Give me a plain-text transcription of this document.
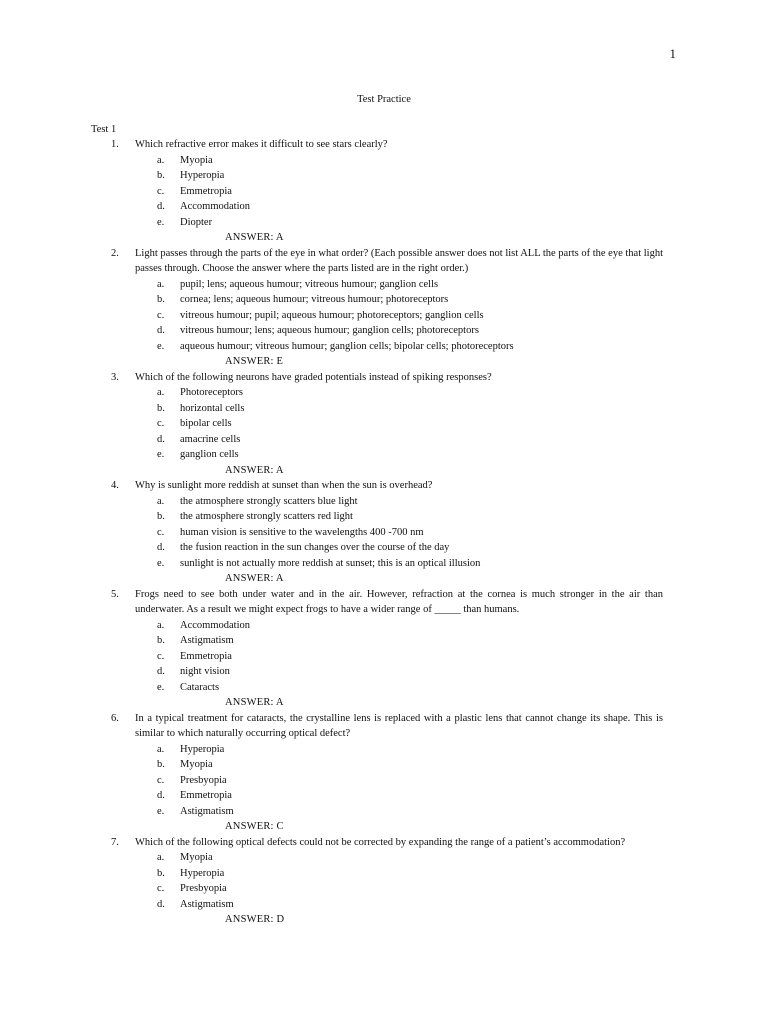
1
Test Practice
Test 1
1.	Which refractive error makes it difficult to see stars clearly?
a.	Myopia
b.	Hyperopia
c.	Emmetropia
d.	Accommodation
e.	Diopter
ANSWER: A
2.	Light passes through the parts of the eye in what order? (Each possible answer does not list ALL the parts of the eye that light passes through. Choose the answer where the parts listed are in the right order.)
a.	pupil; lens; aqueous humour; vitreous humour; ganglion cells
b.	cornea; lens; aqueous humour; vitreous humour; photoreceptors
c.	vitreous humour; pupil; aqueous humour; photoreceptors; ganglion cells
d.	vitreous humour; lens; aqueous humour; ganglion cells; photoreceptors
e.	aqueous humour; vitreous humour; ganglion cells; bipolar cells; photoreceptors
ANSWER: E
3.	Which of the following neurons have graded potentials instead of spiking responses?
a.	Photoreceptors
b.	horizontal cells
c.	bipolar cells
d.	amacrine cells
e.	ganglion cells
ANSWER: A
4.	Why is sunlight more reddish at sunset than when the sun is overhead?
a.	the atmosphere strongly scatters blue light
b.	the atmosphere strongly scatters red light
c.	human vision is sensitive to the wavelengths 400 -700 nm
d.	the fusion reaction in the sun changes over the course of the day
e.	sunlight is not actually more reddish at sunset; this is an optical illusion
ANSWER: A
5.	Frogs need to see both under water and in the air. However, refraction at the cornea is much stronger in the air than underwater. As a result we might expect frogs to have a wider range of _____ than humans.
a.	Accommodation
b.	Astigmatism
c.	Emmetropia
d.	night vision
e.	Cataracts
ANSWER: A
6.	In a typical treatment for cataracts, the crystalline lens is replaced with a plastic lens that cannot change its shape. This is similar to which naturally occurring optical defect?
a.	Hyperopia
b.	Myopia
c.	Presbyopia
d.	Emmetropia
e.	Astigmatism
ANSWER: C
7.	Which of the following optical defects could not be corrected by expanding the range of a patient’s accommodation?
a.	Myopia
b.	Hyperopia
c.	Presbyopia
d.	Astigmatism
ANSWER: D
